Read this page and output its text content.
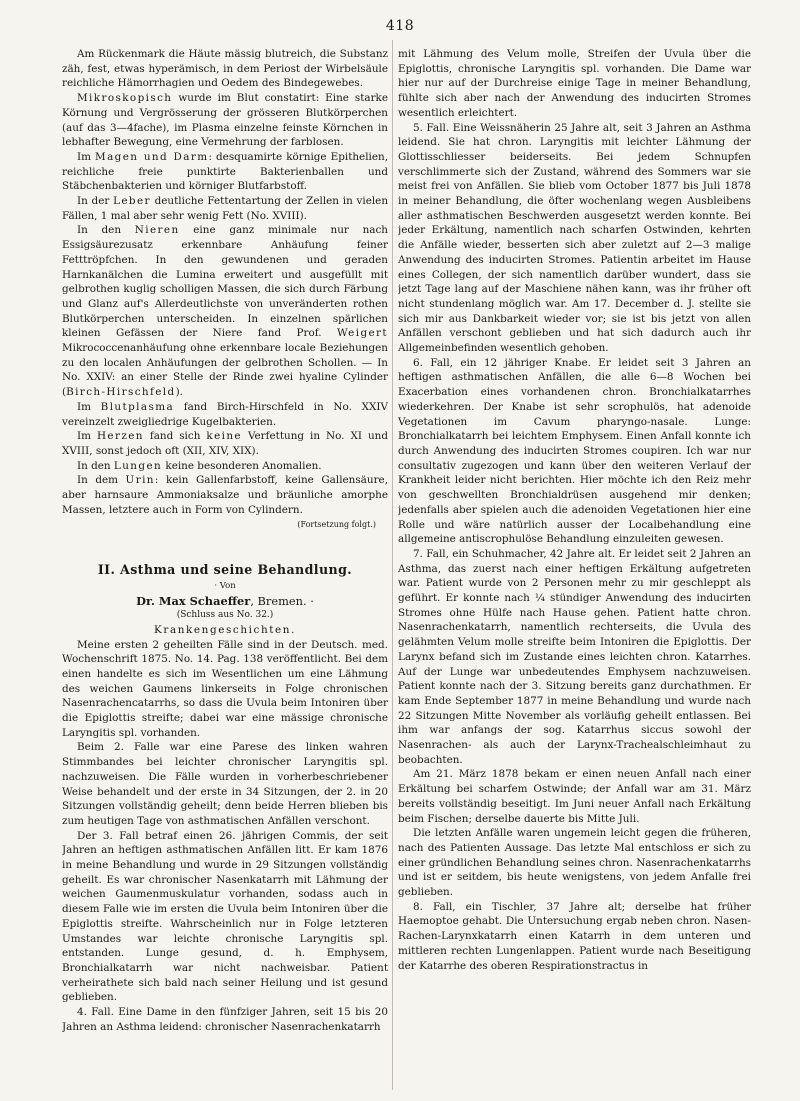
418

Am Rückenmark die Häute mässig blutreich, die Substanz zäh, fest, etwas hyperämisch, in dem Periost der Wirbelsäule reichliche Hämorrhagien und Oedem des Bindegewebes.

Mikroskopisch wurde im Blut constatirt: Eine starke Körnung und Vergrösserung der grösseren Blutkörperchen (auf das 3—4fache), im Plasma einzelne feinste Körnchen in lebhafter Bewegung, eine Vermehrung der farblosen.

Im Magen und Darm: desquamirte körnige Epithelien, reichliche freie punktirte Bakterienballen und Stäbchenbakterien und körniger Blutfarbstoff.

In der Leber deutliche Fettentartung der Zellen in vielen Fällen, 1 mal aber sehr wenig Fett (No. XVIII).

In den Nieren eine ganz minimale nur nach Essigsäurezusatz erkennbare Anhäufung feiner Fetttröpfchen. In den gewundenen und geraden Harnkanälchen die Lumina erweitert und ausgefüllt mit gelbrothen kuglig scholligen Massen, die sich durch Färbung und Glanz auf's Allerdeutlichste von unveränderten rothen Blutkörperchen unterscheiden. In einzelnen spärlichen kleinen Gefässen der Niere fand Prof. Weigert Mikrococcenanhäufung ohne erkennbare locale Beziehungen zu den localen Anhäufungen der gelbrothen Schollen. — In No. XXIV: an einer Stelle der Rinde zwei hyaline Cylinder (Birch-Hirschfeld).

Im Blutplasma fand Birch-Hirschfeld in No. XXIV vereinzelt zweigliedrige Kugelbakterien.

Im Herzen fand sich keine Verfettung in No. XI und XVIII, sonst jedoch oft (XII, XIV, XIX).

In den Lungen keine besonderen Anomalien.

In dem Urin: kein Gallenfarbstoff, keine Gallensäure, aber harnsaure Ammoniaksalze und bräunliche amorphe Massen, letztere auch in Form von Cylindern.

(Fortsetzung folgt.)

II. Asthma und seine Behandlung.

· Von

Dr. Max Schaeffer, Bremen. ·

(Schluss aus No. 32.)

Krankengeschichten.

Meine ersten 2 geheilten Fälle sind in der Deutsch. med. Wochenschrift 1875. No. 14. Pag. 138 veröffentlicht. Bei dem einen handelte es sich im Wesentlichen um eine Lähmung des weichen Gaumens linkerseits in Folge chronischen Nasenrachencatarrhs, so dass die Uvula beim Intoniren über die Epiglottis streifte; dabei war eine mässige chronische Laryngitis spl. vorhanden.

Beim 2. Falle war eine Parese des linken wahren Stimmbandes bei leichter chronischer Laryngitis spl. nachzuweisen. Die Fälle wurden in vorherbeschriebener Weise behandelt und der erste in 34 Sitzungen, der 2. in 20 Sitzungen vollständig geheilt; denn beide Herren blieben bis zum heutigen Tage von asthmatischen Anfällen verschont.

Der 3. Fall betraf einen 26. jährigen Commis, der seit Jahren an heftigen asthmatischen Anfällen litt. Er kam 1876 in meine Behandlung und wurde in 29 Sitzungen vollständig geheilt. Es war chronischer Nasenkatarrh mit Lähmung der weichen Gaumenmuskulatur vorhanden, sodass auch in diesem Falle wie im ersten die Uvula beim Intoniren über die Epiglottis streifte. Wahrscheinlich nur in Folge letzteren Umstandes war leichte chronische Laryngitis spl. entstanden. Lunge gesund, d. h. Emphysem, Bronchialkatarrh war nicht nachweisbar. Patient verheirathete sich bald nach seiner Heilung und ist gesund geblieben.

4. Fall. Eine Dame in den fünfziger Jahren, seit 15 bis 20 Jahren an Asthma leidend: chronischer Nasenrachenkatarrh

mit Lähmung des Velum molle, Streifen der Uvula über die Epiglottis, chronische Laryngitis spl. vorhanden. Die Dame war hier nur auf der Durchreise einige Tage in meiner Behandlung, fühlte sich aber nach der Anwendung des inducirten Stromes wesentlich erleichtert.

5. Fall. Eine Weissnäherin 25 Jahre alt, seit 3 Jahren an Asthma leidend. Sie hat chron. Laryngitis mit leichter Lähmung der Glottisschliesser beiderseits. Bei jedem Schnupfen verschlimmerte sich der Zustand, während des Sommers war sie meist frei von Anfällen. Sie blieb vom October 1877 bis Juli 1878 in meiner Behandlung, die öfter wochenlang wegen Ausbleibens aller asthmatischen Beschwerden ausgesetzt werden konnte. Bei jeder Erkältung, namentlich nach scharfen Ostwinden, kehrten die Anfälle wieder, besserten sich aber zuletzt auf 2—3 malige Anwendung des inducirten Stromes. Patientin arbeitet im Hause eines Collegen, der sich namentlich darüber wundert, dass sie jetzt Tage lang auf der Maschiene nähen kann, was ihr früher oft nicht stundenlang möglich war. Am 17. December d. J. stellte sie sich mir aus Dankbarkeit wieder vor; sie ist bis jetzt von allen Anfällen verschont geblieben und hat sich dadurch auch ihr Allgemeinbefinden wesentlich gehoben.

6. Fall, ein 12 jähriger Knabe. Er leidet seit 3 Jahren an heftigen asthmatischen Anfällen, die alle 6—8 Wochen bei Exacerbation eines vorhandenen chron. Bronchialkatarrhes wiederkehren. Der Knabe ist sehr scrophulös, hat adenoide Vegetationen im Cavum pharyngo-nasale. Lunge: Bronchialkatarrh bei leichtem Emphysem. Einen Anfall konnte ich durch Anwendung des inducirten Stromes coupiren. Ich war nur consultativ zugezogen und kann über den weiteren Verlauf der Krankheit leider nicht berichten. Hier möchte ich den Reiz mehr von geschwellten Bronchialdrüsen ausgehend mir denken; jedenfalls aber spielen auch die adenoiden Vegetationen hier eine Rolle und wäre natürlich ausser der Localbehandlung eine allgemeine antiscrophulöse Behandlung einzuleiten gewesen.

7. Fall, ein Schuhmacher, 42 Jahre alt. Er leidet seit 2 Jahren an Asthma, das zuerst nach einer heftigen Erkältung aufgetreten war. Patient wurde von 2 Personen mehr zu mir geschleppt als geführt. Er konnte nach ¼ stündiger Anwendung des inducirten Stromes ohne Hülfe nach Hause gehen. Patient hatte chron. Nasenrachenkatarrh, namentlich rechterseits, die Uvula des gelähmten Velum molle streifte beim Intoniren die Epiglottis. Der Larynx befand sich im Zustande eines leichten chron. Katarrhes. Auf der Lunge war unbedeutendes Emphysem nachzuweisen. Patient konnte nach der 3. Sitzung bereits ganz durchathmen. Er kam Ende September 1877 in meine Behandlung und wurde nach 22 Sitzungen Mitte November als vorläufig geheilt entlassen. Bei ihm war anfangs der sog. Katarrhus siccus sowohl der Nasenrachen- als auch der Larynx-Trachealschleimhaut zu beobachten.

Am 21. März 1878 bekam er einen neuen Anfall nach einer Erkältung bei scharfem Ostwinde; der Anfall war am 31. März bereits vollständig beseitigt. Im Juni neuer Anfall nach Erkältung beim Fischen; derselbe dauerte bis Mitte Juli.

Die letzten Anfälle waren ungemein leicht gegen die früheren, nach des Patienten Aussage. Das letzte Mal entschloss er sich zu einer gründlichen Behandlung seines chron. Nasenrachenkatarrhs und ist er seitdem, bis heute wenigstens, von jedem Anfalle frei geblieben.

8. Fall, ein Tischler, 37 Jahre alt; derselbe hat früher Haemoptoe gehabt. Die Untersuchung ergab neben chron. Nasen-Rachen-Larynxkatarrh einen Katarrh in dem unteren und mittleren rechten Lungenlappen. Patient wurde nach Beseitigung der Katarrhe des oberen Respirationstractus in
